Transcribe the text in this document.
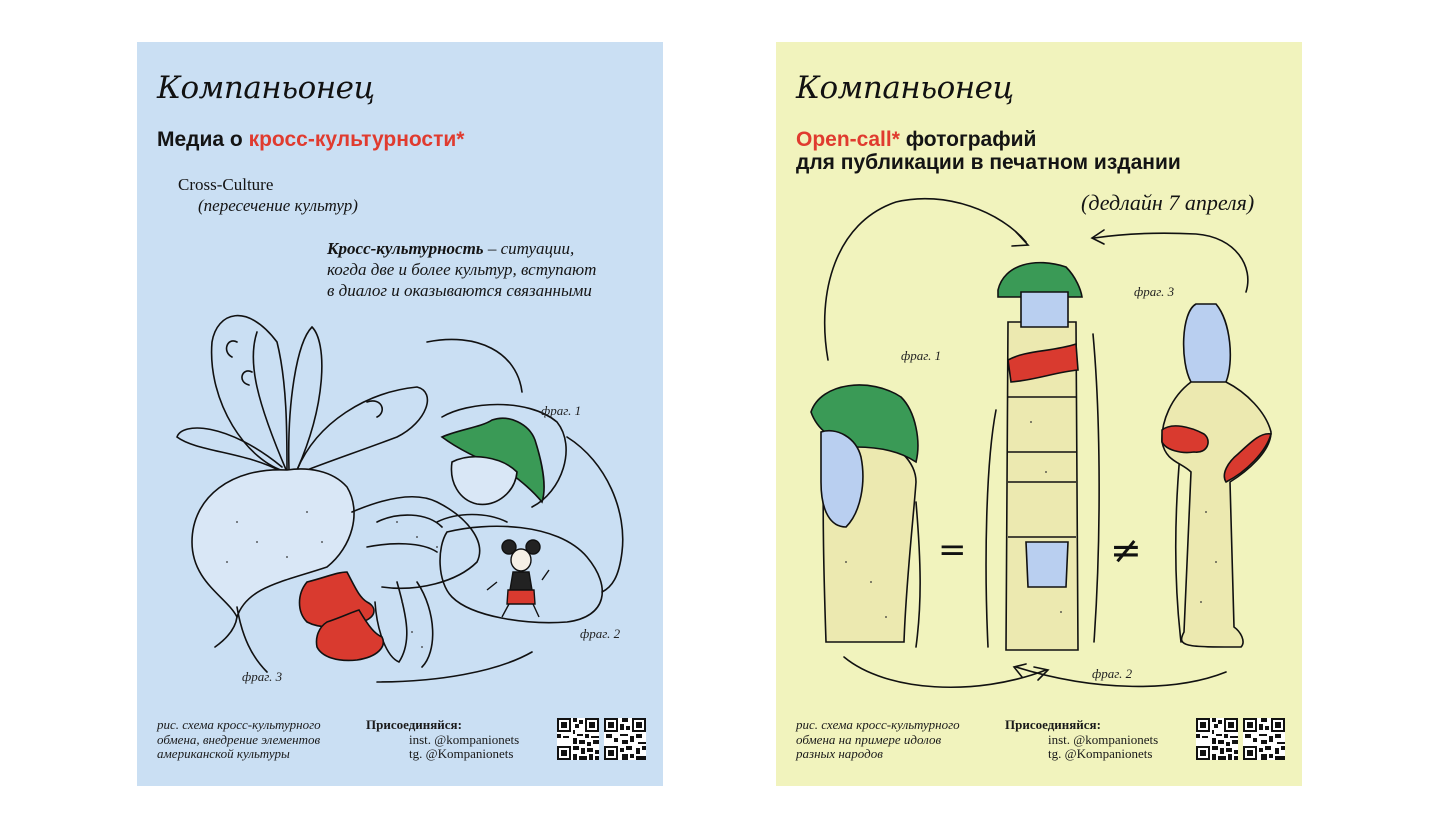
Компаньонец
Медиа о кросс-культурности*
Cross-Culture
(пересечение культур)
Кросс-культурность – ситуации,
когда две и более культур, вступают
в диалог и оказываются связанными
фраг. 1
фраг. 2
фраг. 3
рис. схема кросс-культурного
обмена, внедрение элементов
американской культуры
Присоединяйся:
inst. @kompanionets
tg. @Kompanionets
Компаньонец
Open-call* фотографий
для публикации в печатном издании
(дедлайн 7 апреля)
фраг. 1
фраг. 2
фраг. 3
=	≠
рис. схема кросс-культурного
обмена на примере идолов
разных народов
Присоединяйся:
inst. @kompanionets
tg. @Kompanionets
